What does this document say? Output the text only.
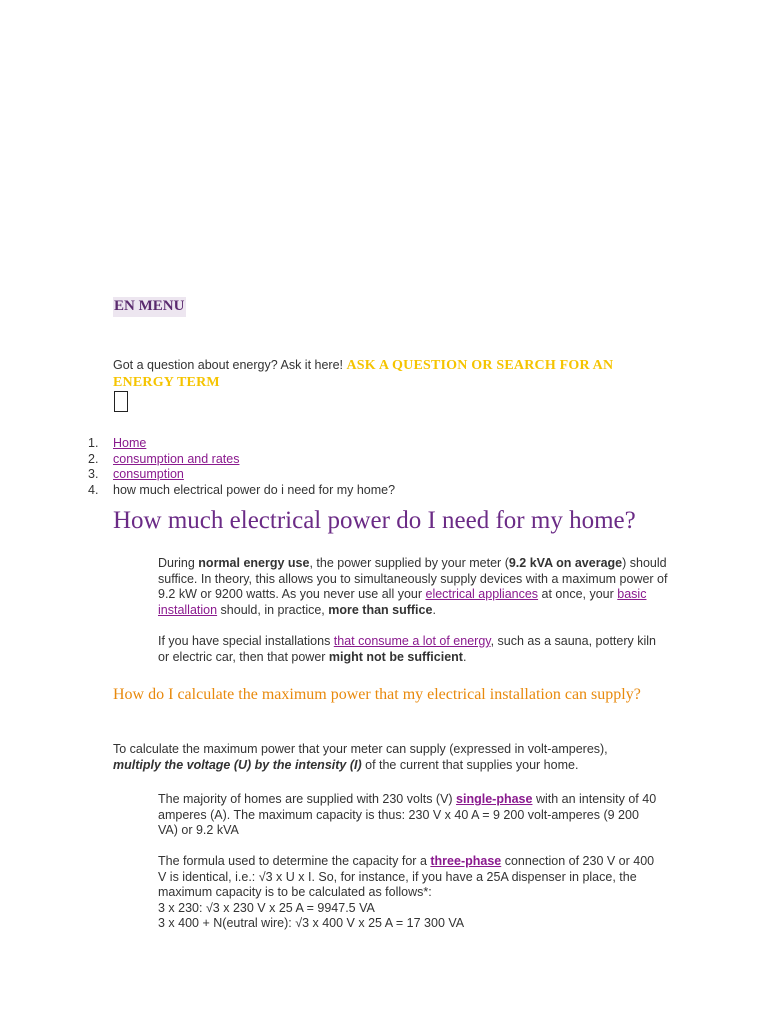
EN MENU
Got a question about energy? Ask it here! ASK A QUESTION OR SEARCH FOR AN ENERGY TERM
1.	Home
2.	consumption and rates
3.	consumption
4.	how much electrical power do i need for my home?
How much electrical power do I need for my home?

During normal energy use, the power supplied by your meter (9.2 kVA on average) should suffice. In theory, this allows you to simultaneously supply devices with a maximum power of 9.2 kW or 9200 watts. As you never use all your electrical appliances at once, your basic installation should, in practice, more than suffice.

If you have special installations that consume a lot of energy, such as a sauna, pottery kiln or electric car, then that power might not be sufficient.

How do I calculate the maximum power that my electrical installation can supply?

To calculate the maximum power that your meter can supply (expressed in volt-amperes), multiply the voltage (U) by the intensity (I) of the current that supplies your home.

The majority of homes are supplied with 230 volts (V) single-phase with an intensity of 40 amperes (A). The maximum capacity is thus: 230 V x 40 A = 9 200 volt-amperes (9 200 VA) or 9.2 kVA

The formula used to determine the capacity for a three-phase connection of 230 V or 400 V is identical, i.e.: √3 x U x I. So, for instance, if you have a 25A dispenser in place, the maximum capacity is to be calculated as follows*:
3 x 230: √3 x 230 V x 25 A = 9947.5 VA
3 x 400 + N(eutral wire): √3 x 400 V x 25 A = 17 300 VA
